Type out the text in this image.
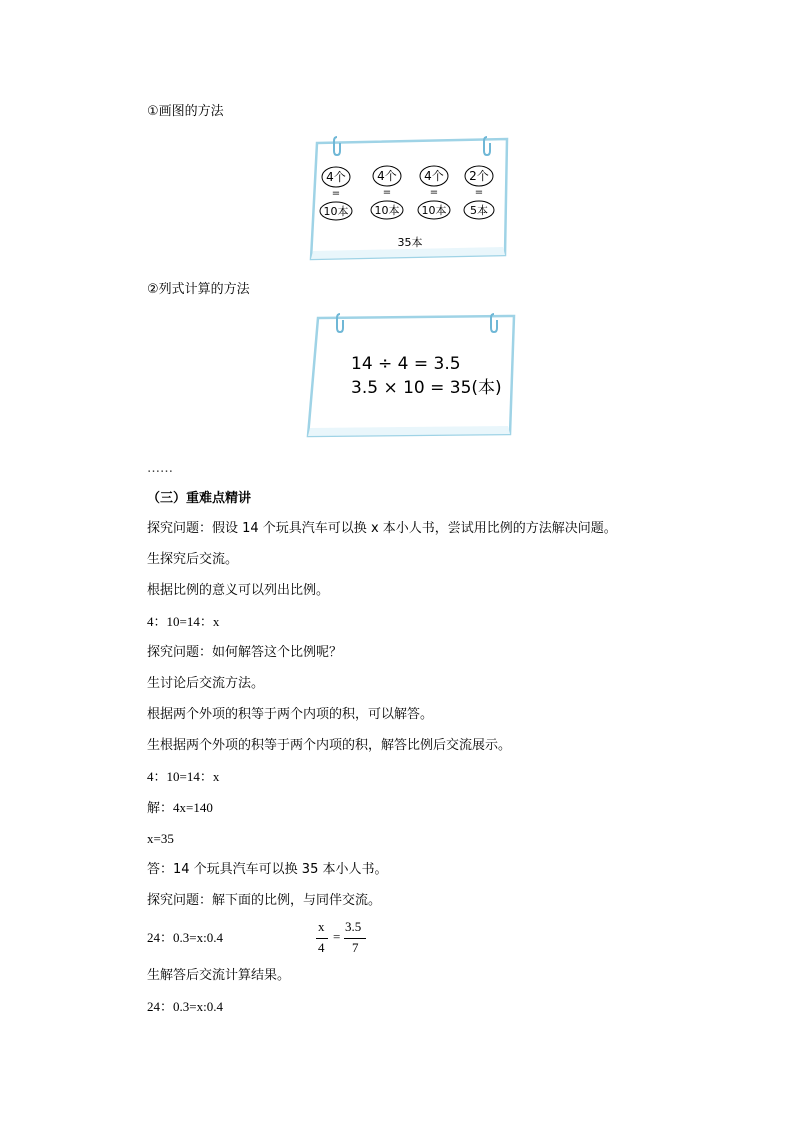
①画图的方法
4个
=
10本
4个
=
10本
4个
=
10本
2个
=
5本
35本
②列式计算的方法
14 ÷ 4 = 3.5
3.5 × 10 = 35(本)
……
（三）重难点精讲
探究问题：假设 14 个玩具汽车可以换 x 本小人书，尝试用比例的方法解决问题。
生探究后交流。
根据比例的意义可以列出比例。
4：10=14：x
探究问题：如何解答这个比例呢？
生讨论后交流方法。
根据两个外项的积等于两个内项的积，可以解答。
生根据两个外项的积等于两个内项的积，解答比例后交流展示。
4：10=14：x
解：4x=140
x=35
答：14 个玩具汽车可以换 35 本小人书。
探究问题：解下面的比例，与同伴交流。
24：0.3=x:0.4
x
4
=
3.5
7
生解答后交流计算结果。
24：0.3=x:0.4
